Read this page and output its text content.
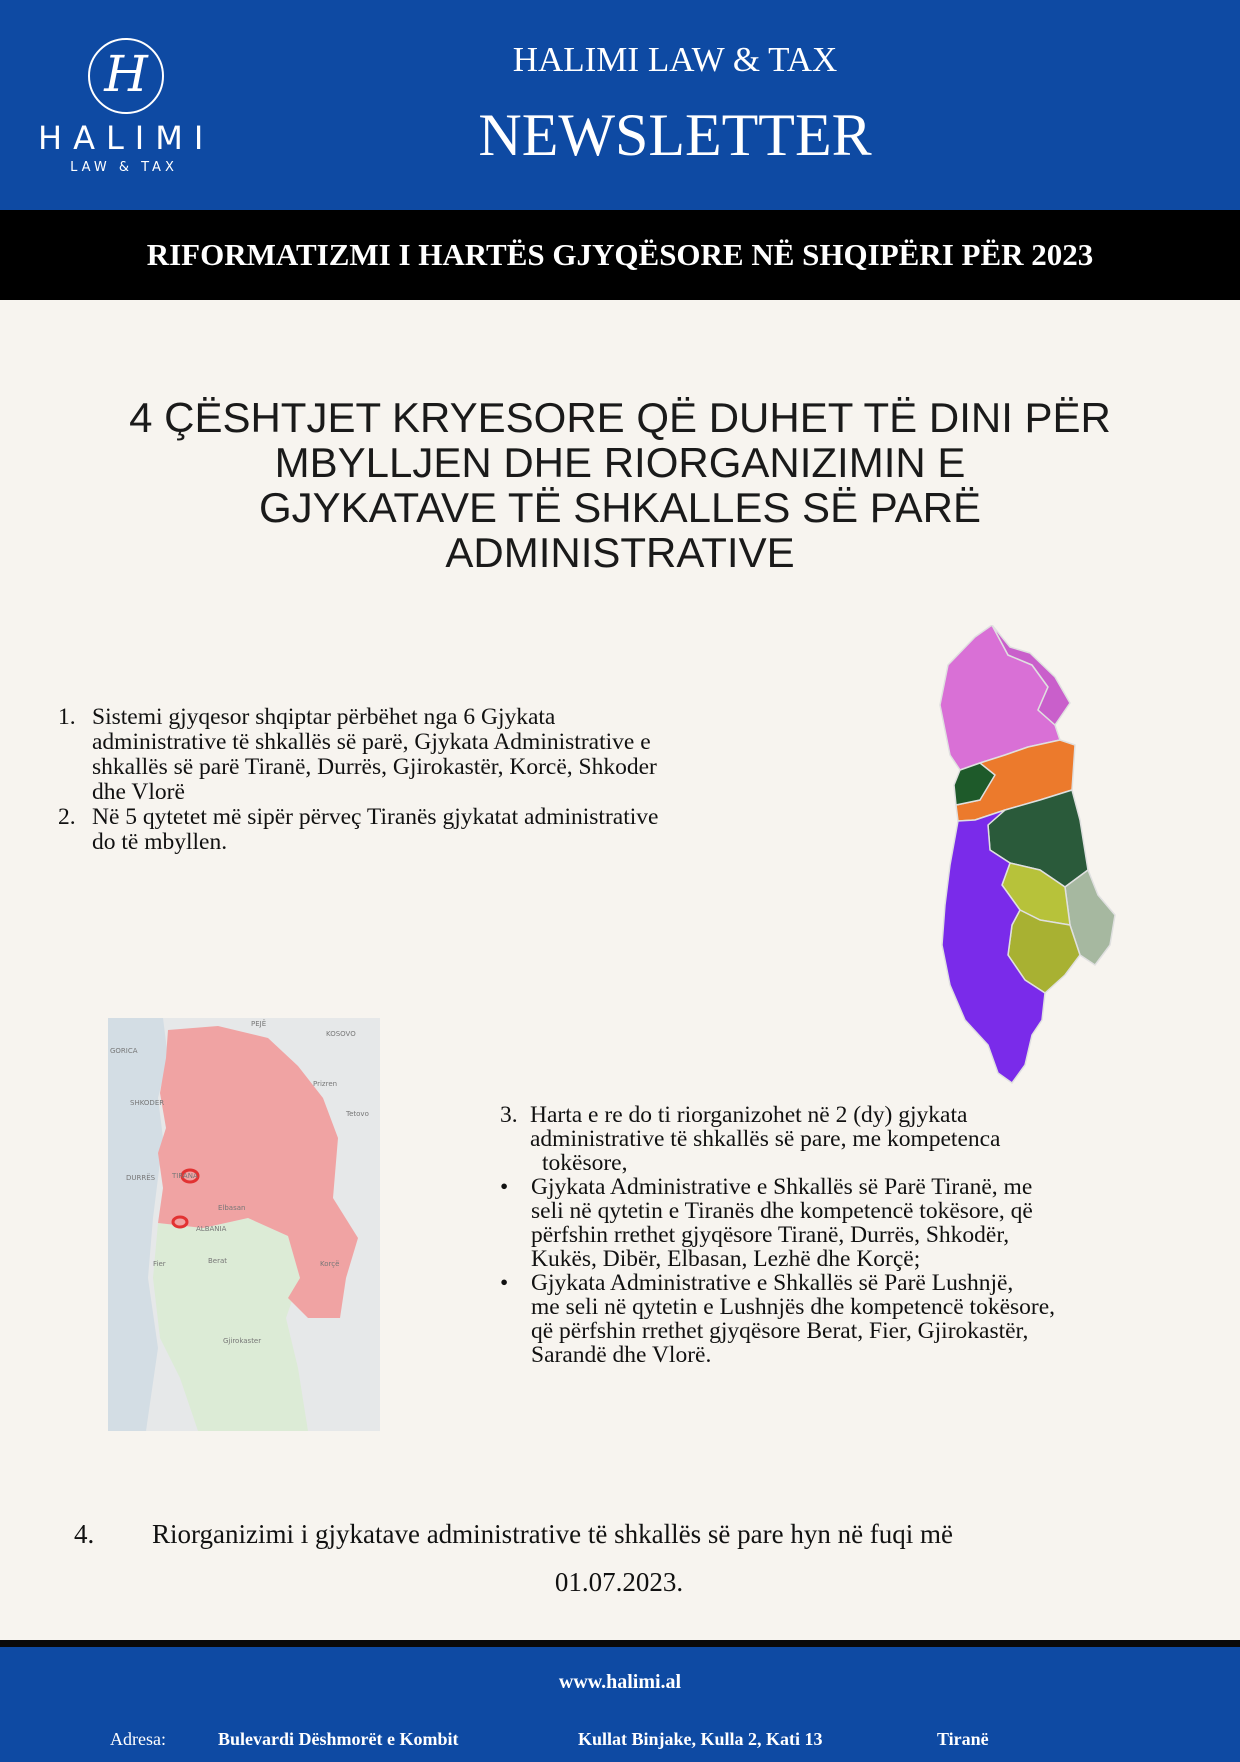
H
HALIMI
LAW & TAX
HALIMI LAW & TAX
NEWSLETTER
RIFORMATIZMI I HARTËS GJYQËSORE NË SHQIPËRI PËR 2023
4 ÇËSHTJET KRYESORE QË DUHET TË DINI PËR
MBYLLJEN DHE RIORGANIZIMIN E
GJYKATAVE TË SHKALLES SË PARË
ADMINISTRATIVE
1. Sistemi gjyqesor shqiptar përbëhet nga 6 Gjykata
administrative të shkallës së parë, Gjykata Administrative e
shkallës së parë Tiranë, Durrës, Gjirokastër, Korcë, Shkoder
dhe Vlorë
2. Në 5 qytetet më sipër përveç Tiranës gjykatat administrative
do të mbyllen.
PEJË
KOSOVO
GORICA
SHKODER
Prizren
Tetovo
DURRËS TIRANA
Elbasan
ALBANIA
Berat	Korçë
Fier
Gjirokaster
3. Harta e re do ti riorganizohet në 2 (dy) gjykata
administrative të shkallës së pare, me kompetenca
tokësore,
• Gjykata Administrative e Shkallës së Parë Tiranë, me
seli në qytetin e Tiranës dhe kompetencë tokësore, që
përfshin rrethet gjyqësore Tiranë, Durrës, Shkodër,
Kukës, Dibër, Elbasan, Lezhë dhe Korçë;
• Gjykata Administrative e Shkallës së Parë Lushnjë,
me seli në qytetin e Lushnjës dhe kompetencë tokësore,
që përfshin rrethet gjyqësore Berat, Fier, Gjirokastër,
Sarandë dhe Vlorë.
4. Riorganizimi i gjykatave administrative të shkallës së pare hyn në fuqi më
01.07.2023.
www.halimi.al
Adresa:	Bulevardi Dëshmorët e Kombit	Kullat Binjake, Kulla 2, Kati 13	Tiranë
